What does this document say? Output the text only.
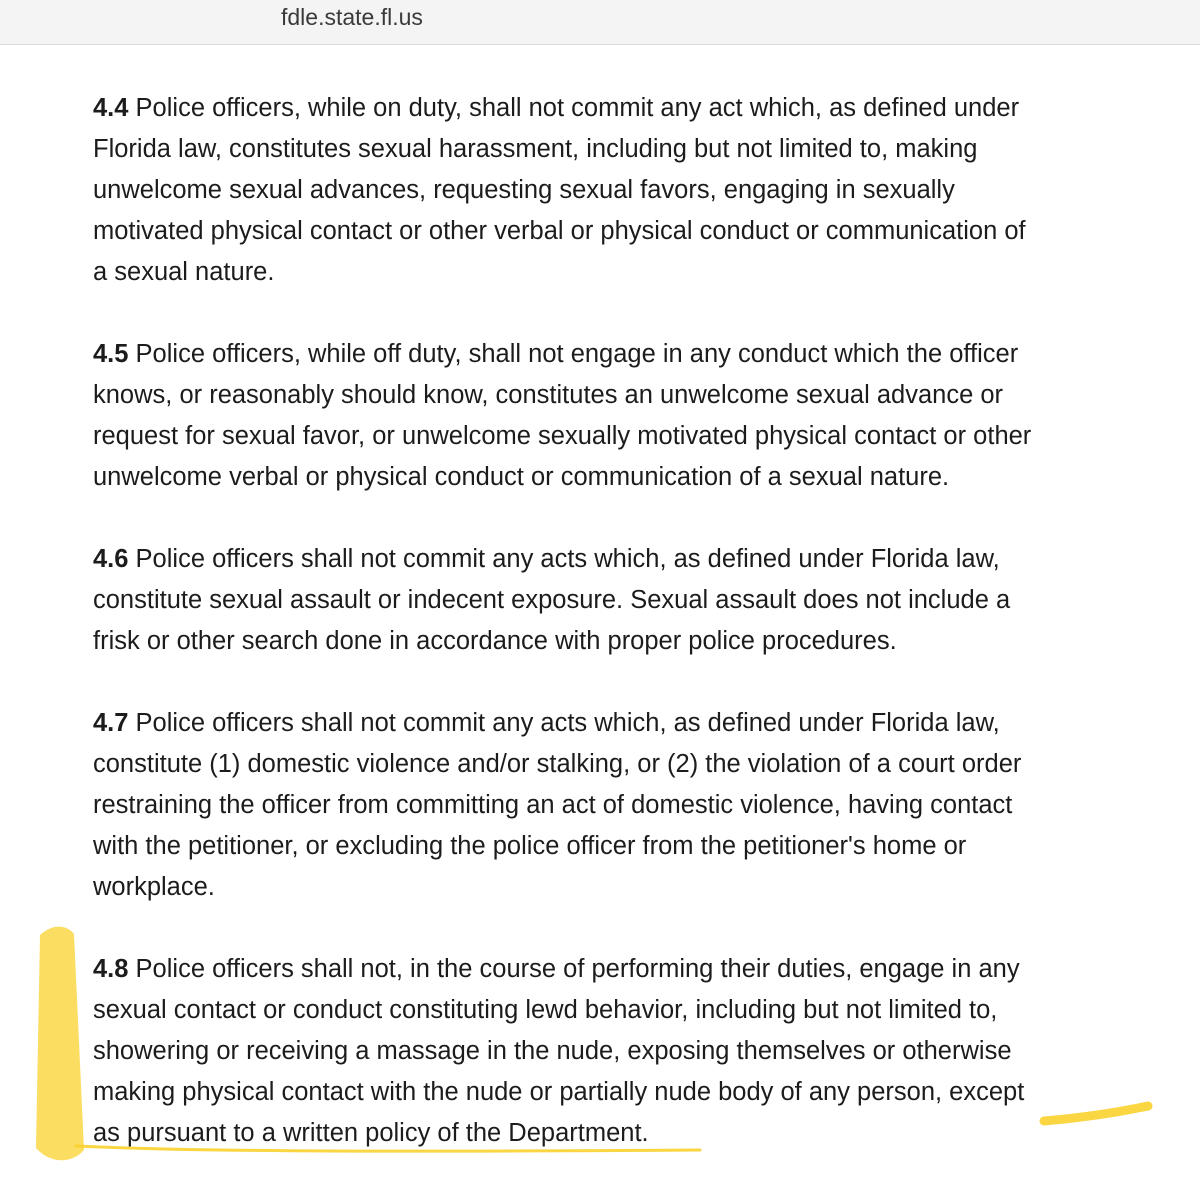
fdle.state.fl.us
4.4 Police officers, while on duty, shall not commit any act which, as defined under
Florida law, constitutes sexual harassment, including but not limited to, making
unwelcome sexual advances, requesting sexual favors, engaging in sexually
motivated physical contact or other verbal or physical conduct or communication of
a sexual nature.
4.5 Police officers, while off duty, shall not engage in any conduct which the officer
knows, or reasonably should know, constitutes an unwelcome sexual advance or
request for sexual favor, or unwelcome sexually motivated physical contact or other
unwelcome verbal or physical conduct or communication of a sexual nature.
4.6 Police officers shall not commit any acts which, as defined under Florida law,
constitute sexual assault or indecent exposure. Sexual assault does not include a
frisk or other search done in accordance with proper police procedures.
4.7 Police officers shall not commit any acts which, as defined under Florida law,
constitute (1) domestic violence and/or stalking, or (2) the violation of a court order
restraining the officer from committing an act of domestic violence, having contact
with the petitioner, or excluding the police officer from the petitioner's home or
workplace.
4.8 Police officers shall not, in the course of performing their duties, engage in any
sexual contact or conduct constituting lewd behavior, including but not limited to,
showering or receiving a massage in the nude, exposing themselves or otherwise
making physical contact with the nude or partially nude body of any person, except
as pursuant to a written policy of the Department.
